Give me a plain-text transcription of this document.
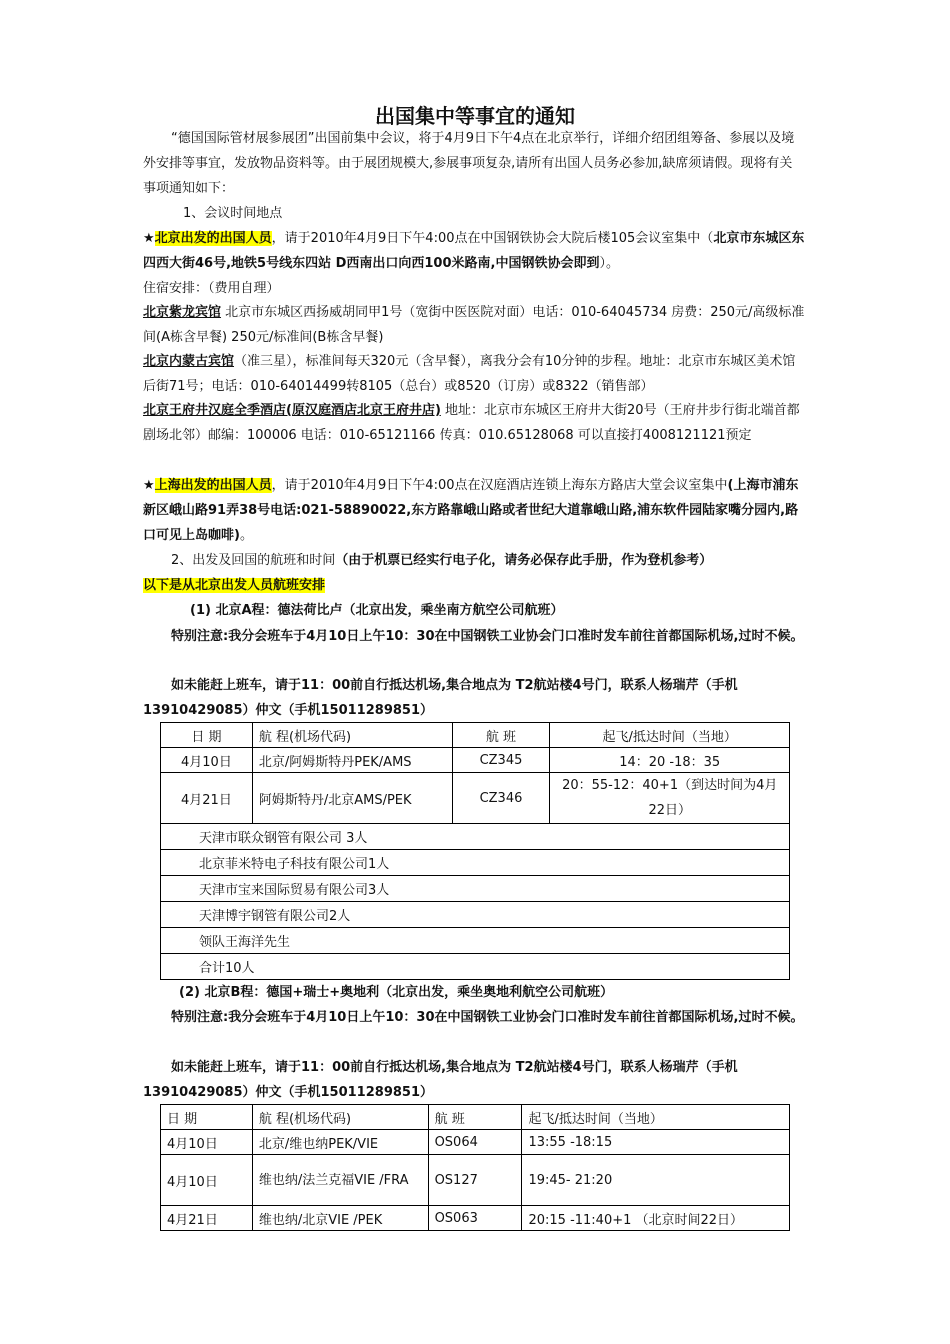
出国集中等事宜的通知

“德国国际管材展参展团”出国前集中会议，将于4月9日下午4点在北京举行，详细介绍团组筹备、参展以及境外安排等事宜，发放物品资料等。由于展团规模大,参展事项复杂,请所有出国人员务必参加,缺席须请假。现将有关事项通知如下：

1、会议时间地点

★北京出发的出国人员，请于2010年4月9日下午4:00点在中国钢铁协会大院后楼105会议室集中（北京市东城区东四西大街46号,地铁5号线东四站 D西南出口向西100米路南,中国钢铁协会即到）。

住宿安排：（费用自理）

北京紫龙宾馆 北京市东城区西扬威胡同甲1号（宽街中医医院对面）电话：010-64045734 房费：250元/高级标准间(A栋含早餐) 250元/标准间(B栋含早餐)

北京内蒙古宾馆（准三星），标准间每天320元（含早餐），离我分会有10分钟的步程。地址：北京市东城区美术馆后街71号；电话：010-64014499转8105（总台）或8520（订房）或8322（销售部）

北京王府井汉庭全季酒店(原汉庭酒店北京王府井店) 地址：北京市东城区王府井大街20号（王府井步行街北端首都剧场北邻）邮编：100006 电话：010-65121166 传真：010.65128068 可以直接打4008121121预定

★上海出发的出国人员，请于2010年4月9日下午4:00点在汉庭酒店连锁上海东方路店大堂会议室集中(上海市浦东新区峨山路91弄38号电话:021-58890022,东方路靠峨山路或者世纪大道靠峨山路,浦东软件园陆家嘴分园内,路口可见上岛咖啡)。

2、出发及回国的航班和时间（由于机票已经实行电子化，请务必保存此手册，作为登机参考）

以下是从北京出发人员航班安排

(1) 北京A程：德法荷比卢（北京出发，乘坐南方航空公司航班）

特别注意:我分会班车于4月10日上午10：30在中国钢铁工业协会门口准时发车前往首都国际机场,过时不候。

如未能赶上班车，请于11：00前自行抵达机场,集合地点为 T2航站楼4号门，联系人杨瑞芹（手机13910429085）仲文（手机15011289851）

日 期	航 程(机场代码)	航 班	起飞/抵达时间（当地）
4月10日	北京/阿姆斯特丹PEK/AMS	CZ345	14：20 -18：35
4月21日	阿姆斯特丹/北京AMS/PEK	CZ346	20：55-12：40+1（到达时间为4月22日）
天津市联众钢管有限公司 3人			
北京菲米特电子科技有限公司1人			
天津市宝来国际贸易有限公司3人			
天津博宇钢管有限公司2人			
领队王海洋先生			
合计10人			

(2) 北京B程：德国+瑞士+奥地利（北京出发，乘坐奥地利航空公司航班）

特别注意:我分会班车于4月10日上午10：30在中国钢铁工业协会门口准时发车前往首都国际机场,过时不候。

如未能赶上班车，请于11：00前自行抵达机场,集合地点为 T2航站楼4号门，联系人杨瑞芹（手机13910429085）仲文（手机15011289851）

日 期	航 程(机场代码)	航 班	起飞/抵达时间（当地）
4月10日	北京/维也纳PEK/VIE	OS064	13:55 -18:15
4月10日	维也纳/法兰克福VIE /FRA	OS127	19:45- 21:20
4月21日	维也纳/北京VIE /PEK	OS063	20:15 -11:40+1 （北京时间22日）
